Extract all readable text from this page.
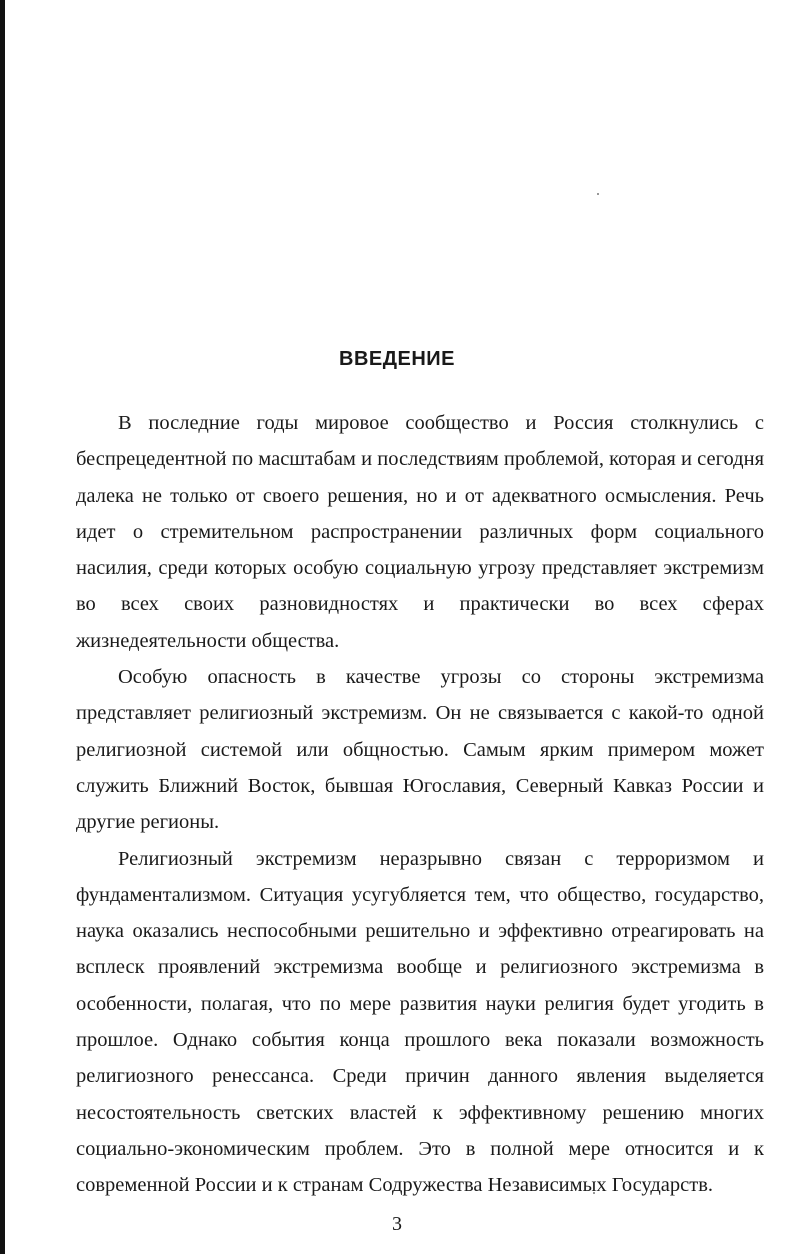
ВВЕДЕНИЕ

В последние годы мировое сообщество и Россия столкнулись с беспрецедентной по масштабам и последствиям проблемой, которая и сегодня далека не только от своего решения, но и от адекватного осмысления. Речь идет о стремительном распространении различных форм социального насилия, среди которых особую социальную угрозу представляет экстремизм во всех своих разновидностях и практически во всех сферах жизнедеятельности общества.

Особую опасность в качестве угрозы со стороны экстремизма представляет религиозный экстремизм. Он не связывается с какой-то одной религиозной системой или общностью. Самым ярким примером может служить Ближний Восток, бывшая Югославия, Северный Кавказ России и другие регионы.

Религиозный экстремизм неразрывно связан с терроризмом и фундаментализмом. Ситуация усугубляется тем, что общество, государство, наука оказались неспособными решительно и эффективно отреагировать на всплеск проявлений экстремизма вообще и религиозного экстремизма в особенности, полагая, что по мере развития науки религия будет угодить в прошлое. Однако события конца прошлого века показали возможность религиозного ренессанса. Среди причин данного явления выделяется несостоятельность светских властей к эффективному решению многих социально-экономическим проблем. Это в полной мере относится и к современной России и к странам Содружества Независимых Государств.

3
